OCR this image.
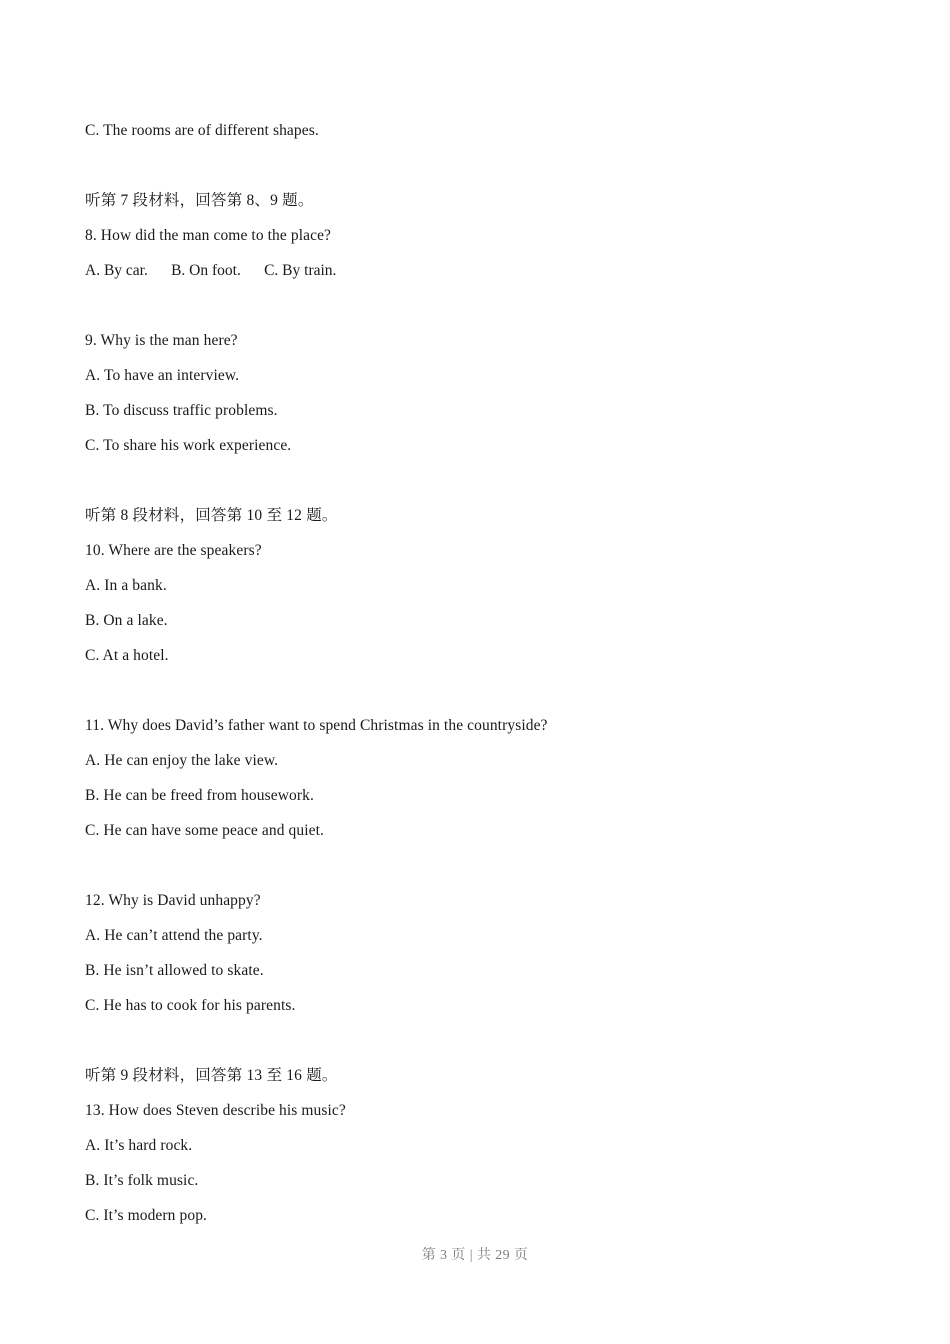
C. The rooms are of different shapes.
听第 7 段材料，回答第 8、9 题。
8. How did the man come to the place?
A. By car.      B. On foot.      C. By train.
9. Why is the man here?
A. To have an interview.
B. To discuss traffic problems.
C. To share his work experience.
听第 8 段材料，回答第 10 至 12 题。
10. Where are the speakers?
A. In a bank.
B. On a lake.
C. At a hotel.
11. Why does David’s father want to spend Christmas in the countryside?
A. He can enjoy the lake view.
B. He can be freed from housework.
C. He can have some peace and quiet.
12. Why is David unhappy?
A. He can’t attend the party.
B. He isn’t allowed to skate.
C. He has to cook for his parents.
听第 9 段材料，回答第 13 至 16 题。
13. How does Steven describe his music?
A. It’s hard rock.
B. It’s folk music.
C. It’s modern pop.
第 3 页 | 共 29 页
